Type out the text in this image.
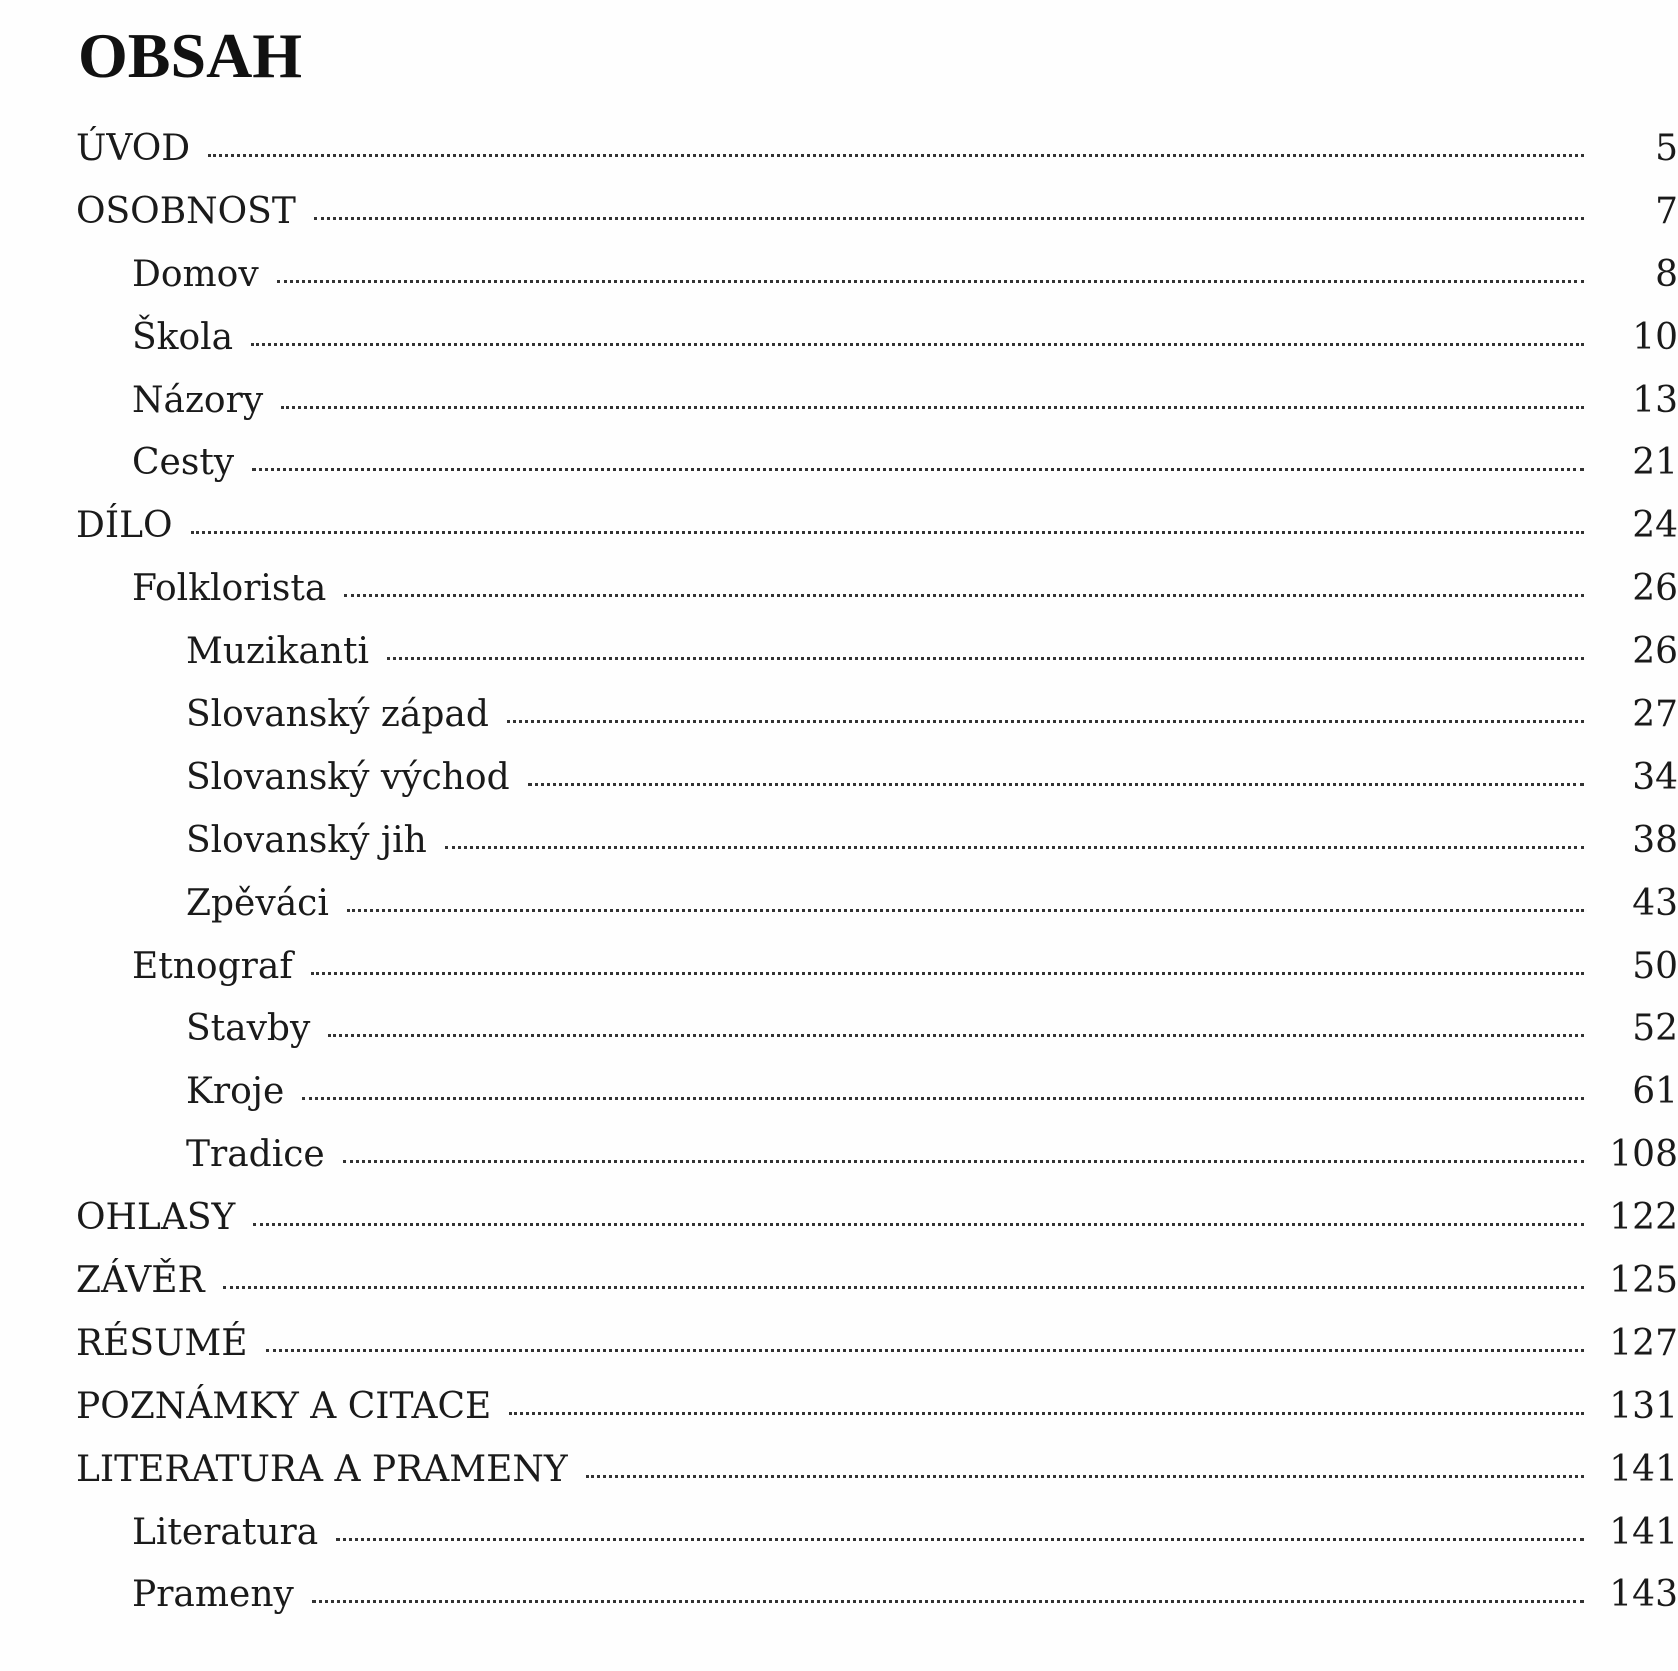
OBSAH
ÚVOD	5
OSOBNOST	7
Domov	8
Škola	10
Názory	13
Cesty	21
DÍLO	24
Folklorista	26
Muzikanti	26
Slovanský západ	27
Slovanský východ	34
Slovanský jih	38
Zpěváci	43
Etnograf	50
Stavby	52
Kroje	61
Tradice	108
OHLASY	122
ZÁVĚR	125
RÉSUMÉ	127
POZNÁMKY A CITACE	131
LITERATURA A PRAMENY	141
Literatura	141
Prameny	143
